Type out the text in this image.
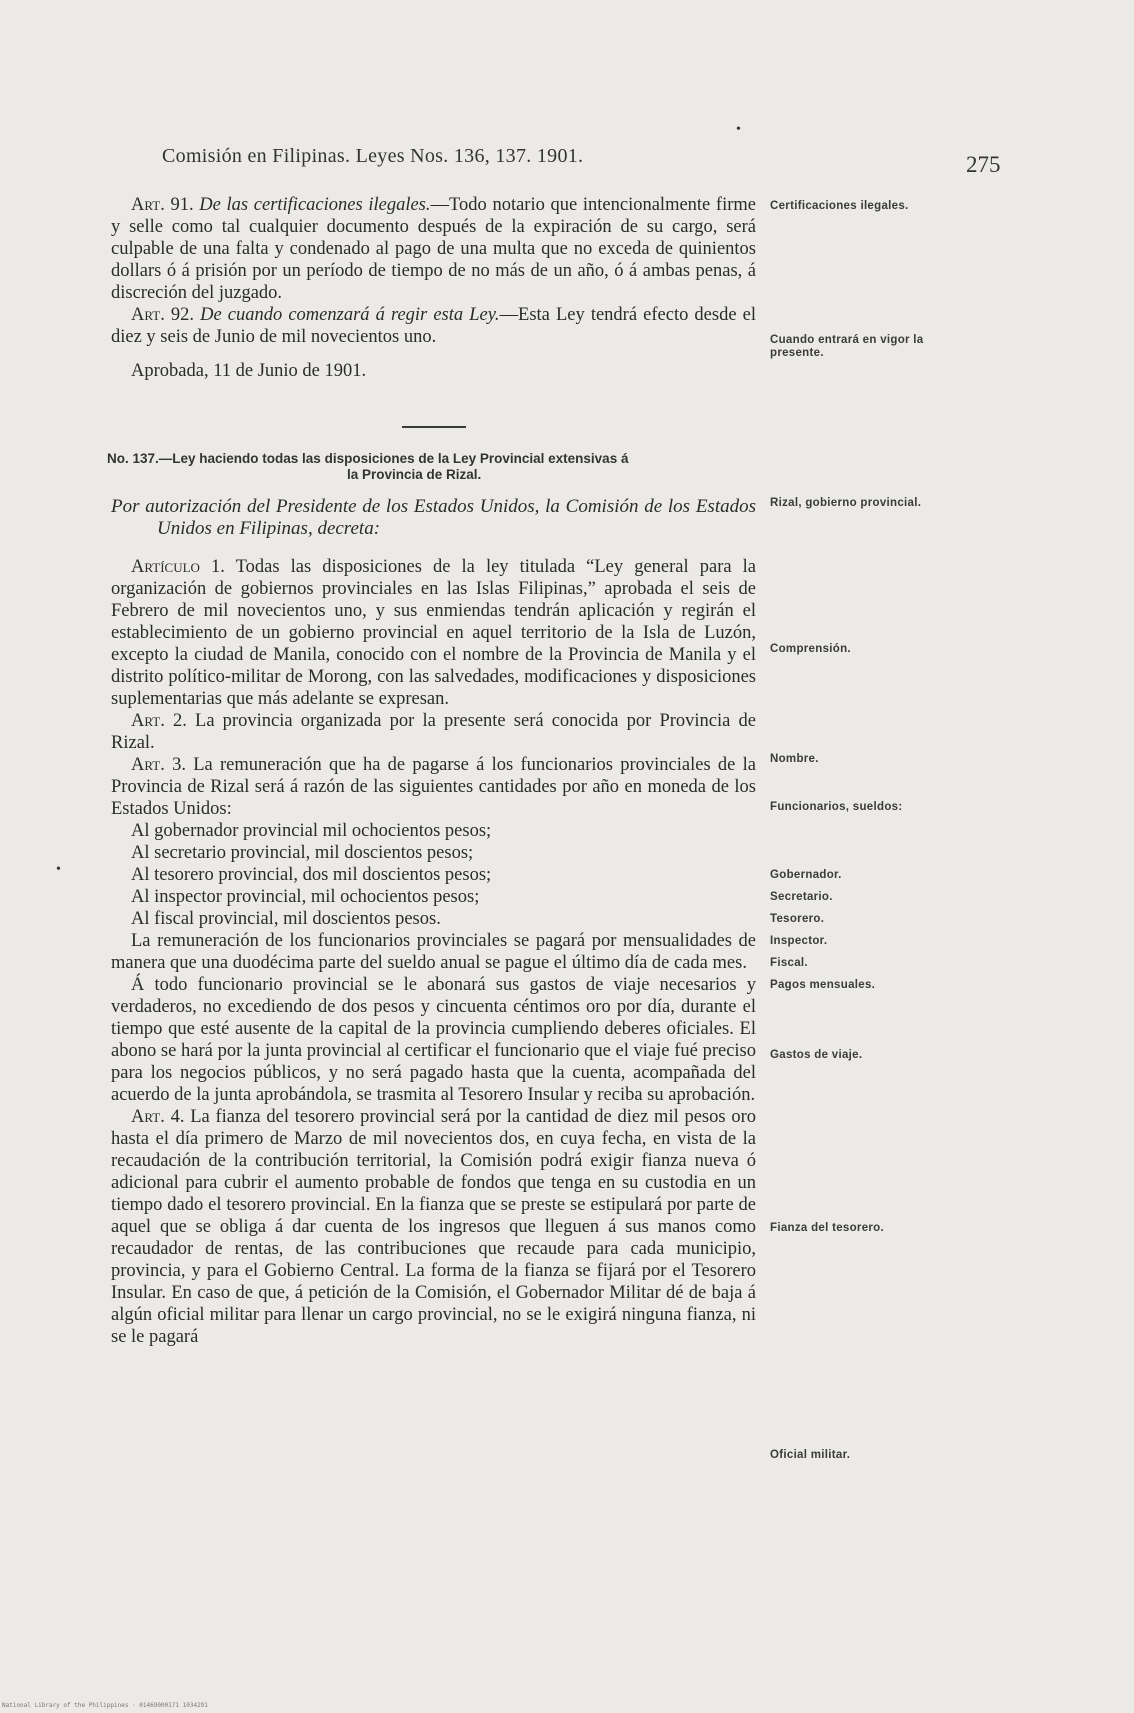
Comisión en Filipinas. Leyes Nos. 136, 137. 1901.	275
•
•

Art. 91. De las certificaciones ilegales.—Todo notario que intencionalmente firme y selle como tal cualquier documento después de la expiración de su cargo, será culpable de una falta y condenado al pago de una multa que no exceda de quinientos dollars ó á prisión por un período de tiempo de no más de un año, ó á ambas penas, á discreción del juzgado.

Art. 92. De cuando comenzará á regir esta Ley.—Esta Ley tendrá efecto desde el diez y seis de Junio de mil novecientos uno.

Aprobada, 11 de Junio de 1901.

No. 137.—Ley haciendo todas las disposiciones de la Ley Provincial extensivas á
la Provincia de Rizal.

Por autorización del Presidente de los Estados Unidos, la Comisión de los Estados Unidos en Filipinas, decreta:

Artículo 1. Todas las disposiciones de la ley titulada “Ley general para la organización de gobiernos provinciales en las Islas Filipinas,” aprobada el seis de Febrero de mil novecientos uno, y sus enmiendas tendrán aplicación y regirán el establecimiento de un gobierno provincial en aquel territorio de la Isla de Luzón, excepto la ciudad de Manila, conocido con el nombre de la Provincia de Manila y el distrito político-militar de Morong, con las salvedades, modificaciones y disposiciones suplementarias que más adelante se expresan.

Art. 2. La provincia organizada por la presente será conocida por Provincia de Rizal.

Art. 3. La remuneración que ha de pagarse á los funcionarios provinciales de la Provincia de Rizal será á razón de las siguientes cantidades por año en moneda de los Estados Unidos:

Al gobernador provincial mil ochocientos pesos;

Al secretario provincial, mil doscientos pesos;

Al tesorero provincial, dos mil doscientos pesos;

Al inspector provincial, mil ochocientos pesos;

Al fiscal provincial, mil doscientos pesos.

La remuneración de los funcionarios provinciales se pagará por mensualidades de manera que una duodécima parte del sueldo anual se pague el último día de cada mes.

Á todo funcionario provincial se le abonará sus gastos de viaje necesarios y verdaderos, no excediendo de dos pesos y cincuenta céntimos oro por día, durante el tiempo que esté ausente de la capital de la provincia cumpliendo deberes oficiales. El abono se hará por la junta provincial al certificar el funcionario que el viaje fué preciso para los negocios públicos, y no será pagado hasta que la cuenta, acompañada del acuerdo de la junta aprobándola, se trasmita al Tesorero Insular y reciba su aprobación.

Art. 4. La fianza del tesorero provincial será por la cantidad de diez mil pesos oro hasta el día primero de Marzo de mil novecientos dos, en cuya fecha, en vista de la recaudación de la contribución territorial, la Comisión podrá exigir fianza nueva ó adicional para cubrir el aumento probable de fondos que tenga en su custodia en un tiempo dado el tesorero provincial. En la fianza que se preste se estipulará por parte de aquel que se obliga á dar cuenta de los ingresos que lleguen á sus manos como recaudador de rentas, de las contribuciones que recaude para cada municipio, provincia, y para el Gobierno Central. La forma de la fianza se fijará por el Tesorero Insular. En caso de que, á petición de la Comisión, el Gobernador Militar dé de baja á algún oficial militar para llenar un cargo provincial, no se le exigirá ninguna fianza, ni se le pagará

Certificaciones ilegales.
Cuando entrará en vigor la presente.
Rizal, gobierno provincial.
Comprensión.
Nombre.
Funcionarios, sueldos:
Gobernador.
Secretario.
Tesorero.
Inspector.
Fiscal.
Pagos mensuales.
Gastos de viaje.
Fianza del tesorero.
Oficial militar.
National Library of the Philippines · 01469000171 1034291
